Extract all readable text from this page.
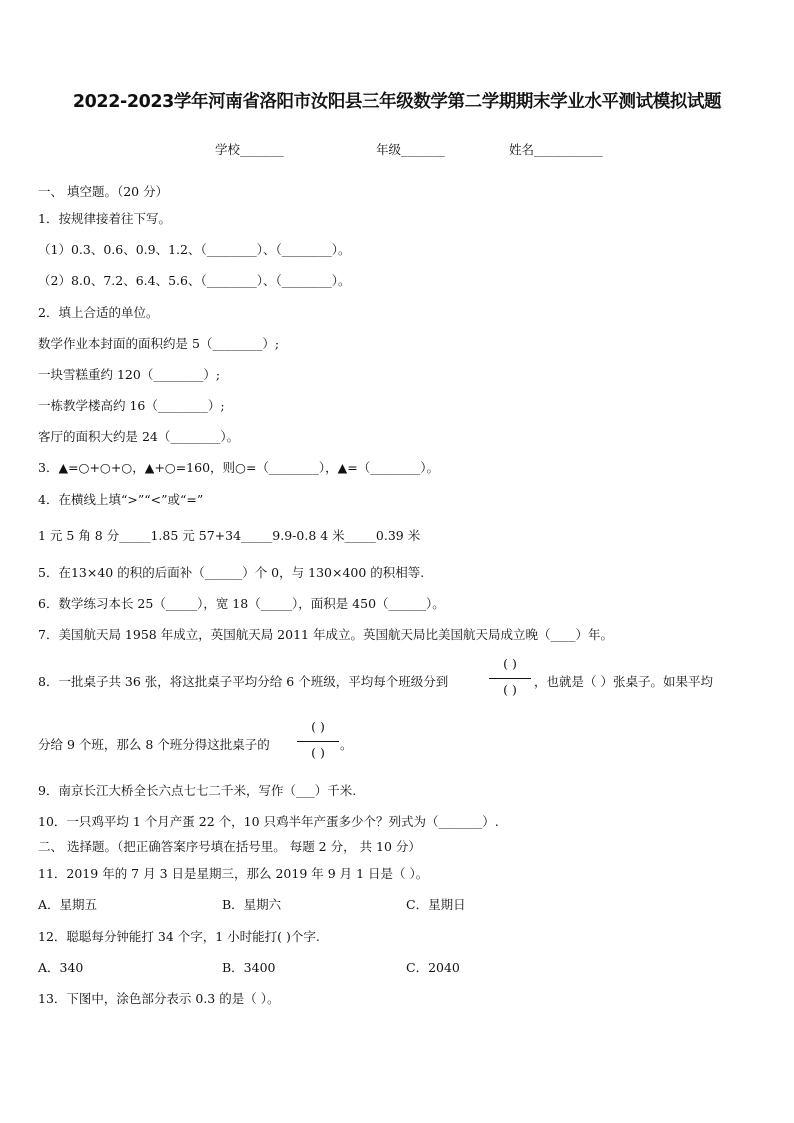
2022-2023学年河南省洛阳市汝阳县三年级数学第二学期期末学业水平测试模拟试题
学校_______	年级_______	姓名___________
一、 填空题。（20 分）
1．按规律接着往下写。
（1）0.3、0.6、0.9、1.2、（________）、（________）。
（2）8.0、7.2、6.4、5.6、（________）、（________）。
2．填上合适的单位。
数学作业本封面的面积约是 5（________）;
一块雪糕重约 120（________）;
一栋教学楼高约 16（________）;
客厅的面积大约是 24（________）。
3．▲=○+○+○，▲+○=160，则○=（________），▲=（________）。
4．在横线上填“>”“<”或“=”
1 元 5 角 8 分_____1.85 元 57+34_____9.9-0.8 4 米_____0.39 米
5．在13×40 的积的后面补（______）个 0，与 130×400 的积相等.
6．数学练习本长 25（_____），宽 18（_____），面积是 450（______）。
7．美国航天局 1958 年成立，英国航天局 2011 年成立。英国航天局比美国航天局成立晚（____）年。
8．一批桌子共 36 张，将这批桌子平均分给 6 个班级，平均每个班级分到
( )
( )
，也就是（ ）张桌子。如果平均
分给 9 个班，那么 8 个班分得这批桌子的
( )
( )
。
9．南京长江大桥全长六点七七二千米，写作（___）千米.
10．一只鸡平均 1 个月产蛋 22 个，10 只鸡半年产蛋多少个？列式为（_______）.
二、 选择题。（把正确答案序号填在括号里。 每题 2 分， 共 10 分）
11．2019 年的 7 月 3 日是星期三，那么 2019 年 9 月 1 日是（ ）。
A．星期五	B．星期六	C．星期日
12．聪聪每分钟能打 34 个字，1 小时能打( )个字.
A．340	B．3400	C．2040
13．下图中，涂色部分表示 0.3 的是（ ）。
